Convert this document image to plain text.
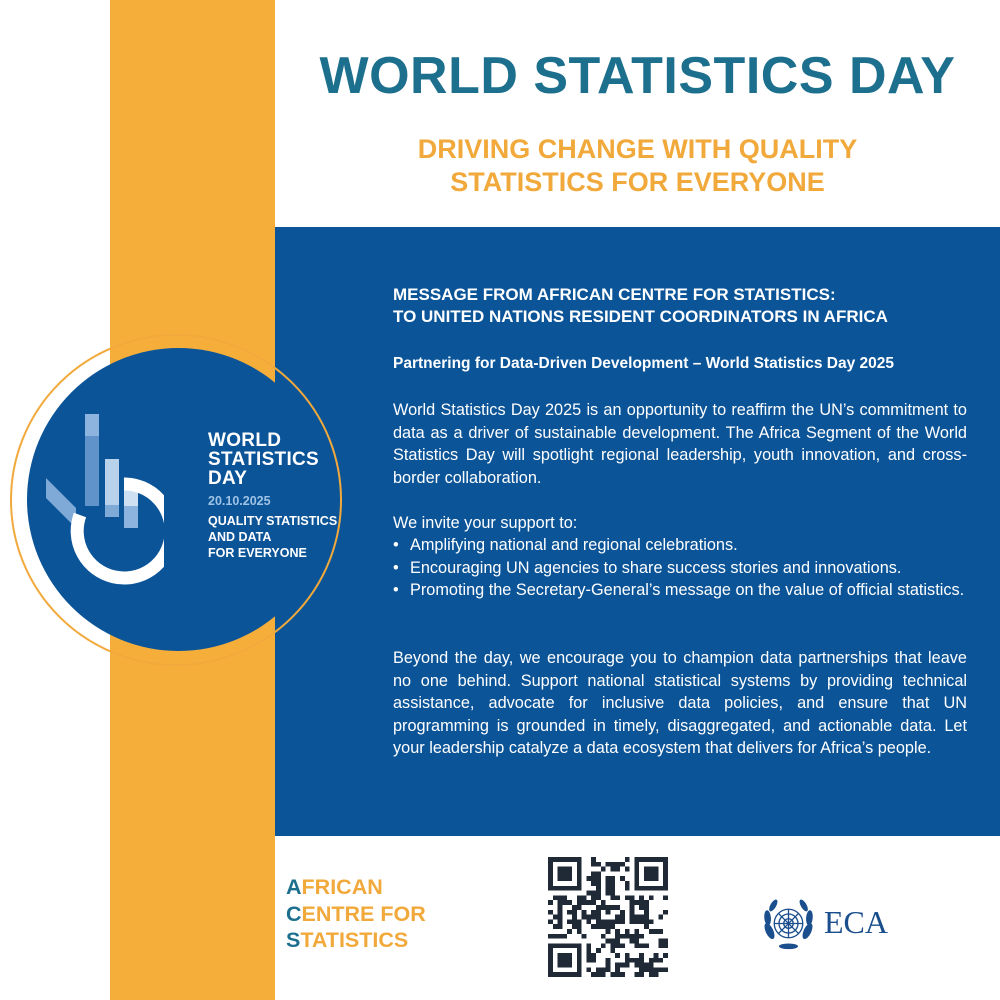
WORLD STATISTICS DAY
DRIVING CHANGE WITH QUALITY
STATISTICS FOR EVERYONE
MESSAGE FROM AFRICAN CENTRE FOR STATISTICS:
TO UNITED NATIONS RESIDENT COORDINATORS IN AFRICA

Partnering for Data-Driven Development – World Statistics Day 2025

World Statistics Day 2025 is an opportunity to reaffirm the UN’s commitment to data as a driver of sustainable development. The Africa Segment of the World Statistics Day will spotlight regional leadership, youth innovation, and cross-border collaboration.

We invite your support to:

• Amplifying national and regional celebrations.
• Encouraging UN agencies to share success stories and innovations.
• Promoting the Secretary-General’s message on the value of official statistics.

Beyond the day, we encourage you to champion data partnerships that leave no one behind. Support national statistical systems by providing technical assistance, advocate for inclusive data policies, and ensure that UN programming is grounded in timely, disaggregated, and actionable data. Let your leadership catalyze a data ecosystem that delivers for Africa’s people.

WORLD
STATISTICS
DAY
20.10.2025
QUALITY STATISTICS
AND DATA
FOR EVERYONE
AFRICAN
CENTRE FOR
STATISTICS	ECA
